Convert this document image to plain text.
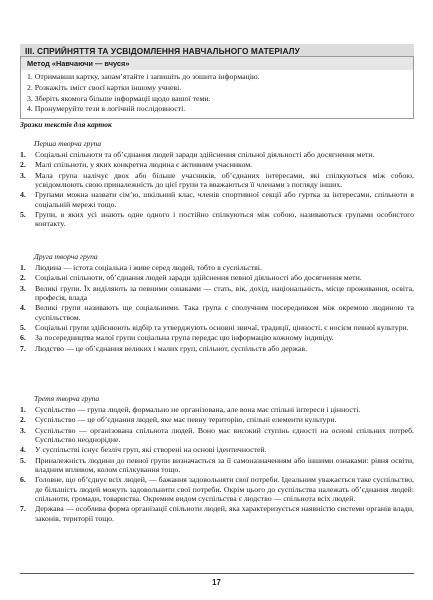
ІІІ. СПРИЙНЯТТЯ ТА УСВІДОМЛЕННЯ НАВЧАЛЬНОГО МАТЕРІАЛУ
Метод «Навчаючи — вчуся»
1. Отримавши картку, запам’ятайте і запишіть до зошита інформацію.
2. Розкажіть зміст своєї картки іншому учневі.
3. Зберіть якомога більше інформації щодо вашої теми.
4. Пронумеруйте тези в логічній послідовності.
Зразки текстів для карток
Перша творча група
1. Соціальні спільноти та об’єднання людей заради здійснення спільної діяльності або досягнення мети.
2. Малі спільноти, у яких конкретна людина є активним учасником.
3. Мала група налічує двох або більше учасників, об’єднаних інтересами, які спілкуються між собою, усвідомлюють свою приналежність до цієї групи та вважаються її членами з погляду інших.
4. Групами можна назвати сім’ю, шкільний клас, членів спортивної секції або гуртка за інтересами, спільноти в соціальній мережі тощо.
5. Групи, в яких усі знають одне одного і постійно спілкуються між собою, називаються групами особистого контакту.
Друга творча група
1. Людина — істота соціальна і живе серед людей, тобто в суспільстві.
2. Соціальні спільноти, об’єднання людей заради здійснення певної діяльності або досягнення мети.
3. Великі групи. Їх виділяють за певними ознаками — стать, вік, дохід, національність, місце проживання, освіта, професія, влада
4. Великі групи називають ще соціальними. Така група є сполучним посередником між окремою людиною та суспільством.
5. Соціальні групи здійснюють відбір та утверджують основні звичаї, традиції, цінності, є носієм певної культури.
6. За посередництва малої групи соціальна група передає цю інформацію кожному індивіду.
7. Людство — це об’єднання великих і малих груп, спільнот, суспільств або держав.
Третя творча група
1. Суспільство — група людей, формально не організована, але вона має спільні інтереси і цінності.
2. Суспільство — це об’єднання людей, яке має певну територію, спільні елементи культури.
3. Суспільство — організована спільнота людей. Воно має високий ступінь єдності на основі спільних потреб. Суспільство неоднорідне.
4. У суспільстві існує безліч груп, які створені на основі ідентичностей.
5. Приналежність людини до певної групи визначається за її самоназначенням або іншими ознаками: рівня освіти, владним впливом, колом спілкування тощо.
6. Головне, що об’єднує всіх людей, — бажання задовольняти свої потреби. Ідеальним уважається таке суспільство, де більшість людей можуть задовольнити свої потреби. Окрім цього до суспільства належать об’єднання людей: спільноти, громади, товариства. Окремим видом суспільства є людство — спільнота всіх людей.
7. Держава — особлива форма організації спільноти людей, яка характеризується наявністю системи органів влади, законів, території тощо.
17
